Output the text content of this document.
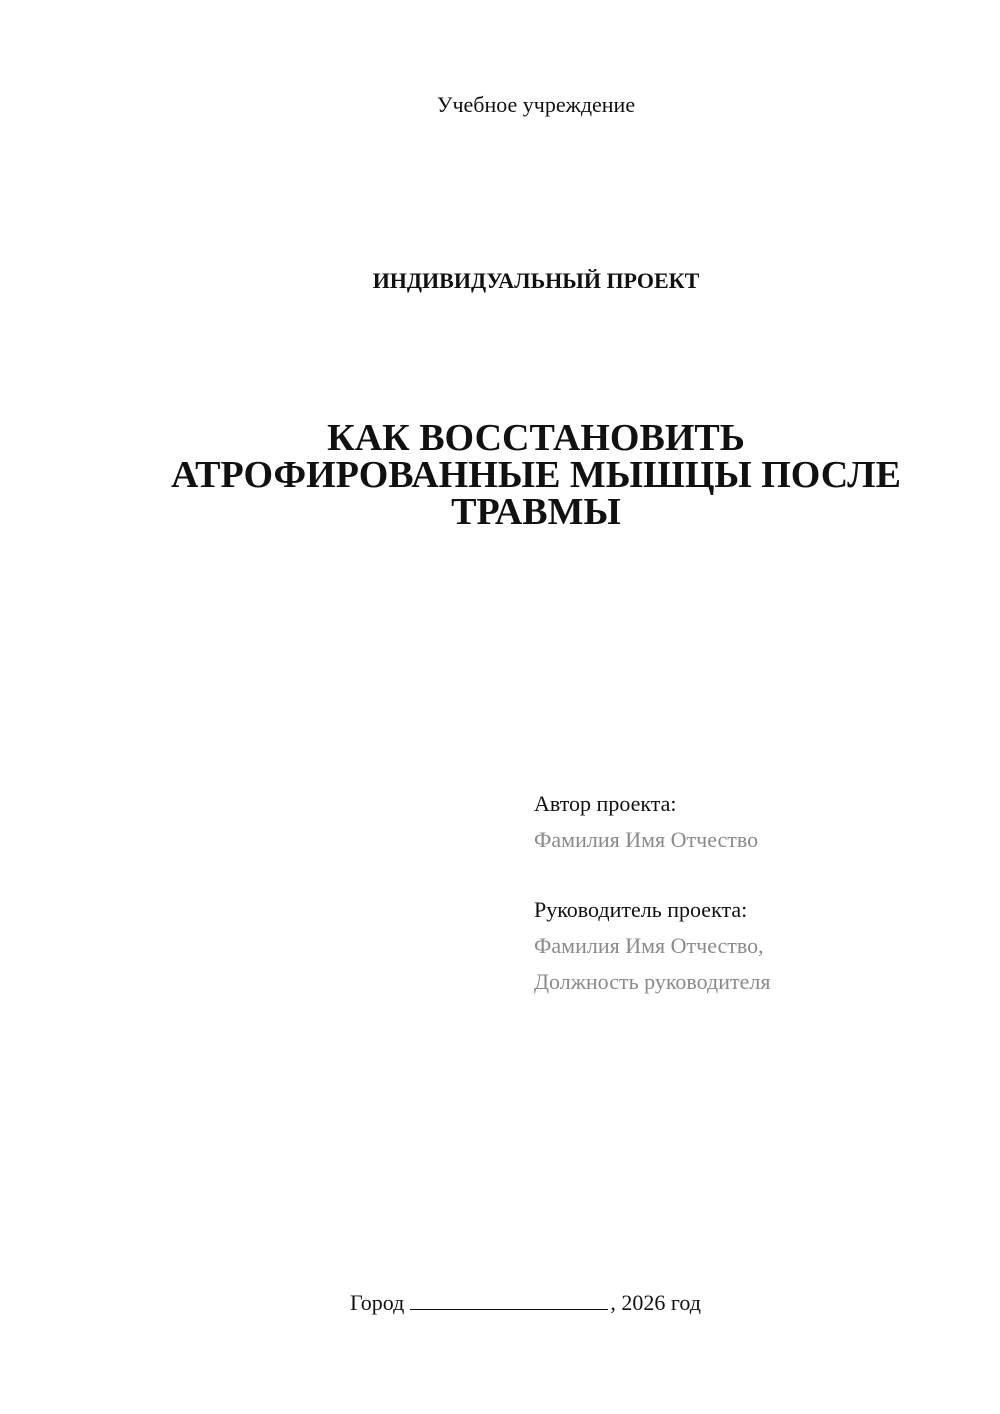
Учебное учреждение
ИНДИВИДУАЛЬНЫЙ ПРОЕКТ
КАК ВОССТАНОВИТЬ
АТРОФИРОВАННЫЕ МЫШЦЫ ПОСЛЕ
ТРАВМЫ
Автор проекта:
Фамилия Имя Отчество
Руководитель проекта:
Фамилия Имя Отчество,
Должность руководителя
Город	, 2026 год
